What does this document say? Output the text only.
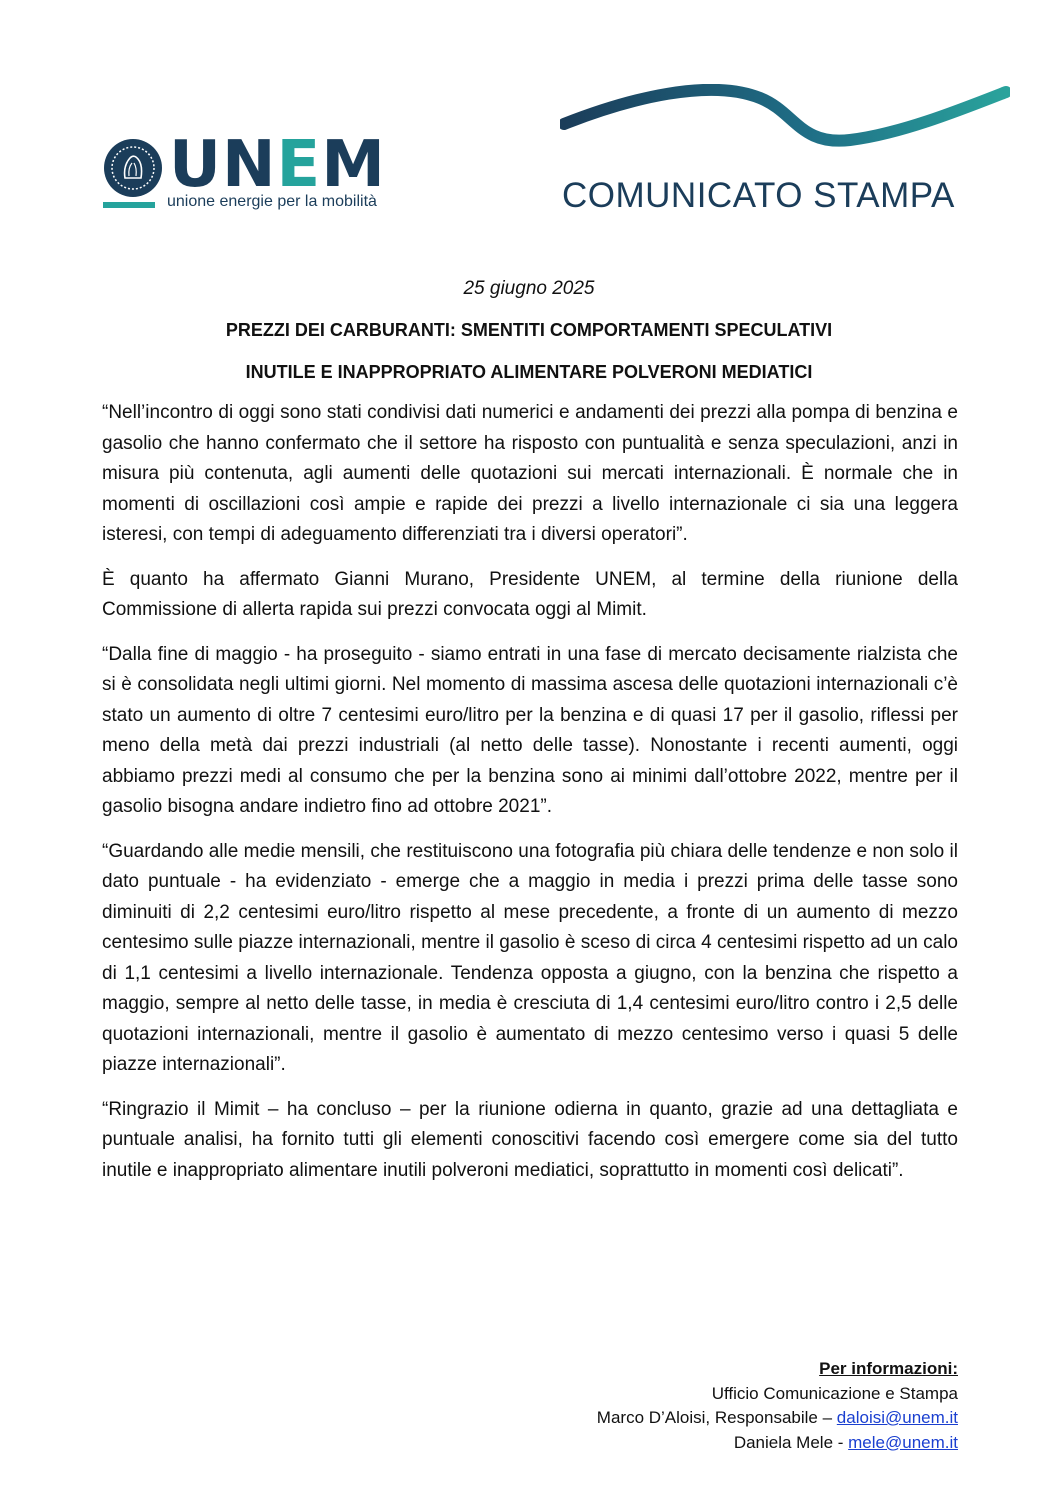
UNEM
unione energie per la mobilità	COMUNICATO STAMPA
25 giugno 2025
PREZZI DEI CARBURANTI: SMENTITI COMPORTAMENTI SPECULATIVI
INUTILE E INAPPROPRIATO ALIMENTARE POLVERONI MEDIATICI

“Nell’incontro di oggi sono stati condivisi dati numerici e andamenti dei prezzi alla pompa di benzina e gasolio che hanno confermato che il settore ha risposto con puntualità e senza speculazioni, anzi in misura più contenuta, agli aumenti delle quotazioni sui mercati internazionali. È normale che in momenti di oscillazioni così ampie e rapide dei prezzi a livello internazionale ci sia una leggera isteresi, con tempi di adeguamento differenziati tra i diversi operatori”.

È quanto ha affermato Gianni Murano, Presidente UNEM, al termine della riunione della Commissione di allerta rapida sui prezzi convocata oggi al Mimit.

“Dalla fine di maggio - ha proseguito - siamo entrati in una fase di mercato decisamente rialzista che si è consolidata negli ultimi giorni. Nel momento di massima ascesa delle quotazioni internazionali c’è stato un aumento di oltre 7 centesimi euro/litro per la benzina e di quasi 17 per il gasolio, riflessi per meno della metà dai prezzi industriali (al netto delle tasse). Nonostante i recenti aumenti, oggi abbiamo prezzi medi al consumo che per la benzina sono ai minimi dall’ottobre 2022, mentre per il gasolio bisogna andare indietro fino ad ottobre 2021”.

“Guardando alle medie mensili, che restituiscono una fotografia più chiara delle tendenze e non solo il dato puntuale - ha evidenziato - emerge che a maggio in media i prezzi prima delle tasse sono diminuiti di 2,2 centesimi euro/litro rispetto al mese precedente, a fronte di un aumento di mezzo centesimo sulle piazze internazionali, mentre il gasolio è sceso di circa 4 centesimi rispetto ad un calo di 1,1 centesimi a livello internazionale. Tendenza opposta a giugno, con la benzina che rispetto a maggio, sempre al netto delle tasse, in media è cresciuta di 1,4 centesimi euro/litro contro i 2,5 delle quotazioni internazionali, mentre il gasolio è aumentato di mezzo centesimo verso i quasi 5 delle piazze internazionali”.

“Ringrazio il Mimit – ha concluso – per la riunione odierna in quanto, grazie ad una dettagliata e puntuale analisi, ha fornito tutti gli elementi conoscitivi facendo così emergere come sia del tutto inutile e inappropriato alimentare inutili polveroni mediatici, soprattutto in momenti così delicati”.

Per informazioni:
Ufficio Comunicazione e Stampa
Marco D’Aloisi, Responsabile – daloisi@unem.it
Daniela Mele - mele@unem.it
